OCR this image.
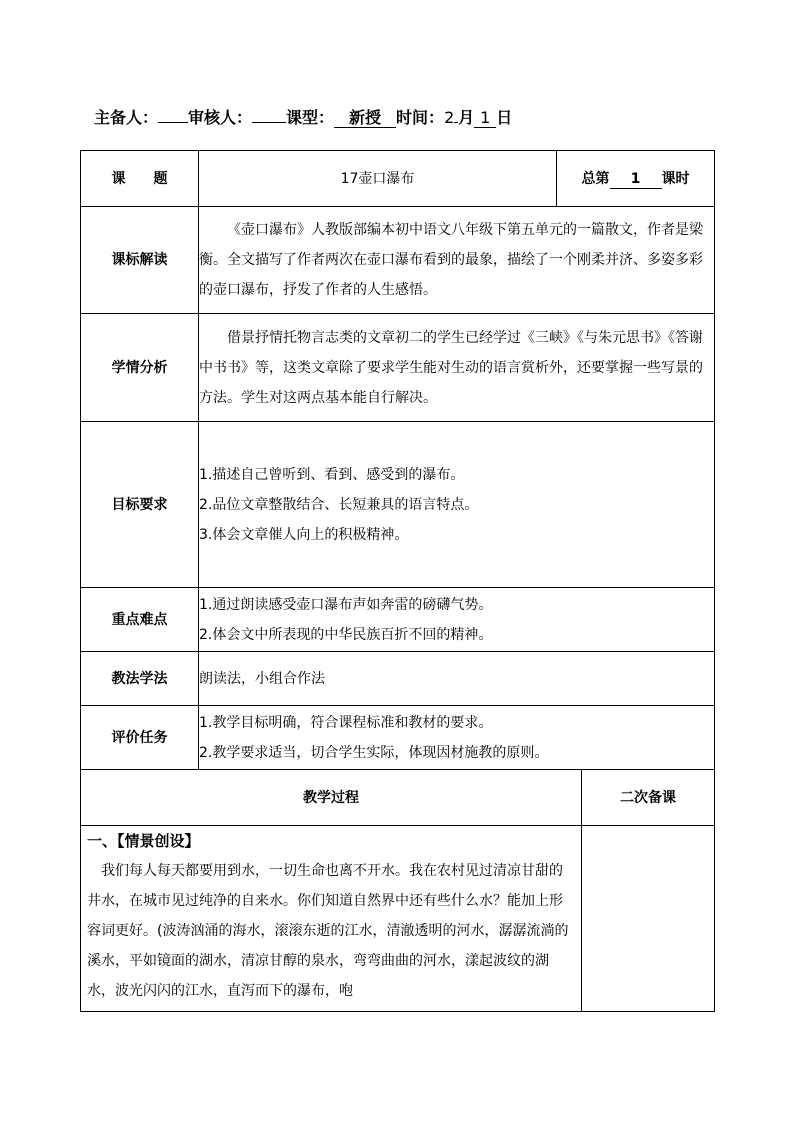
主备人： 审核人： 课型： 新授 时间：2 月 1 日
课　　题	17壶口瀑布	总第 1 课时	
课标解读	《壶口瀑布》人教版部编本初中语文八年级下第五单元的一篇散文，作者是梁衡。全文描写了作者两次在壶口瀑布看到的最象，描绘了一个刚柔并济、多姿多彩的壶口瀑布，抒发了作者的人生感悟。		
学情分析	借景抒情托物言志类的文章初二的学生已经学过《三峡》《与朱元思书》《答谢中书书》等，这类文章除了要求学生能对生动的语言赏析外，还要掌握一些写景的方法。学生对这两点基本能自行解决。		
目标要求	1.描述自己曾听到、看到、感受到的瀑布。
2.品位文章整散结合、长短兼具的语言特点。
3.体会文章催人向上的积极精神。		

重点难点	1.通过朗读感受壶口瀑布声如奔雷的磅礴气势。
2.体会文中所表现的中华民族百折不回的精神。		

教法学法	朗读法，小组合作法		
评价任务	1.教学目标明确，符合课程标准和教材的要求。
2.教学要求适当，切合学生实际，体现因材施教的原则。		

教学过程			二次备课

一、【情景创设】
我们每人每天都要用到水，一切生命也离不开水。我在农村见过清凉甘甜的井水，在城市见过纯净的自来水。你们知道自然界中还有些什么水？能加上形容词更好。(波涛汹涌的海水，滚滚东逝的江水，清澈透明的河水，潺潺流淌的溪水，平如镜面的湖水，清凉甘醇的泉水，弯弯曲曲的河水，漾起波纹的湖水，波光闪闪的江水，直泻而下的瀑布，咆			
